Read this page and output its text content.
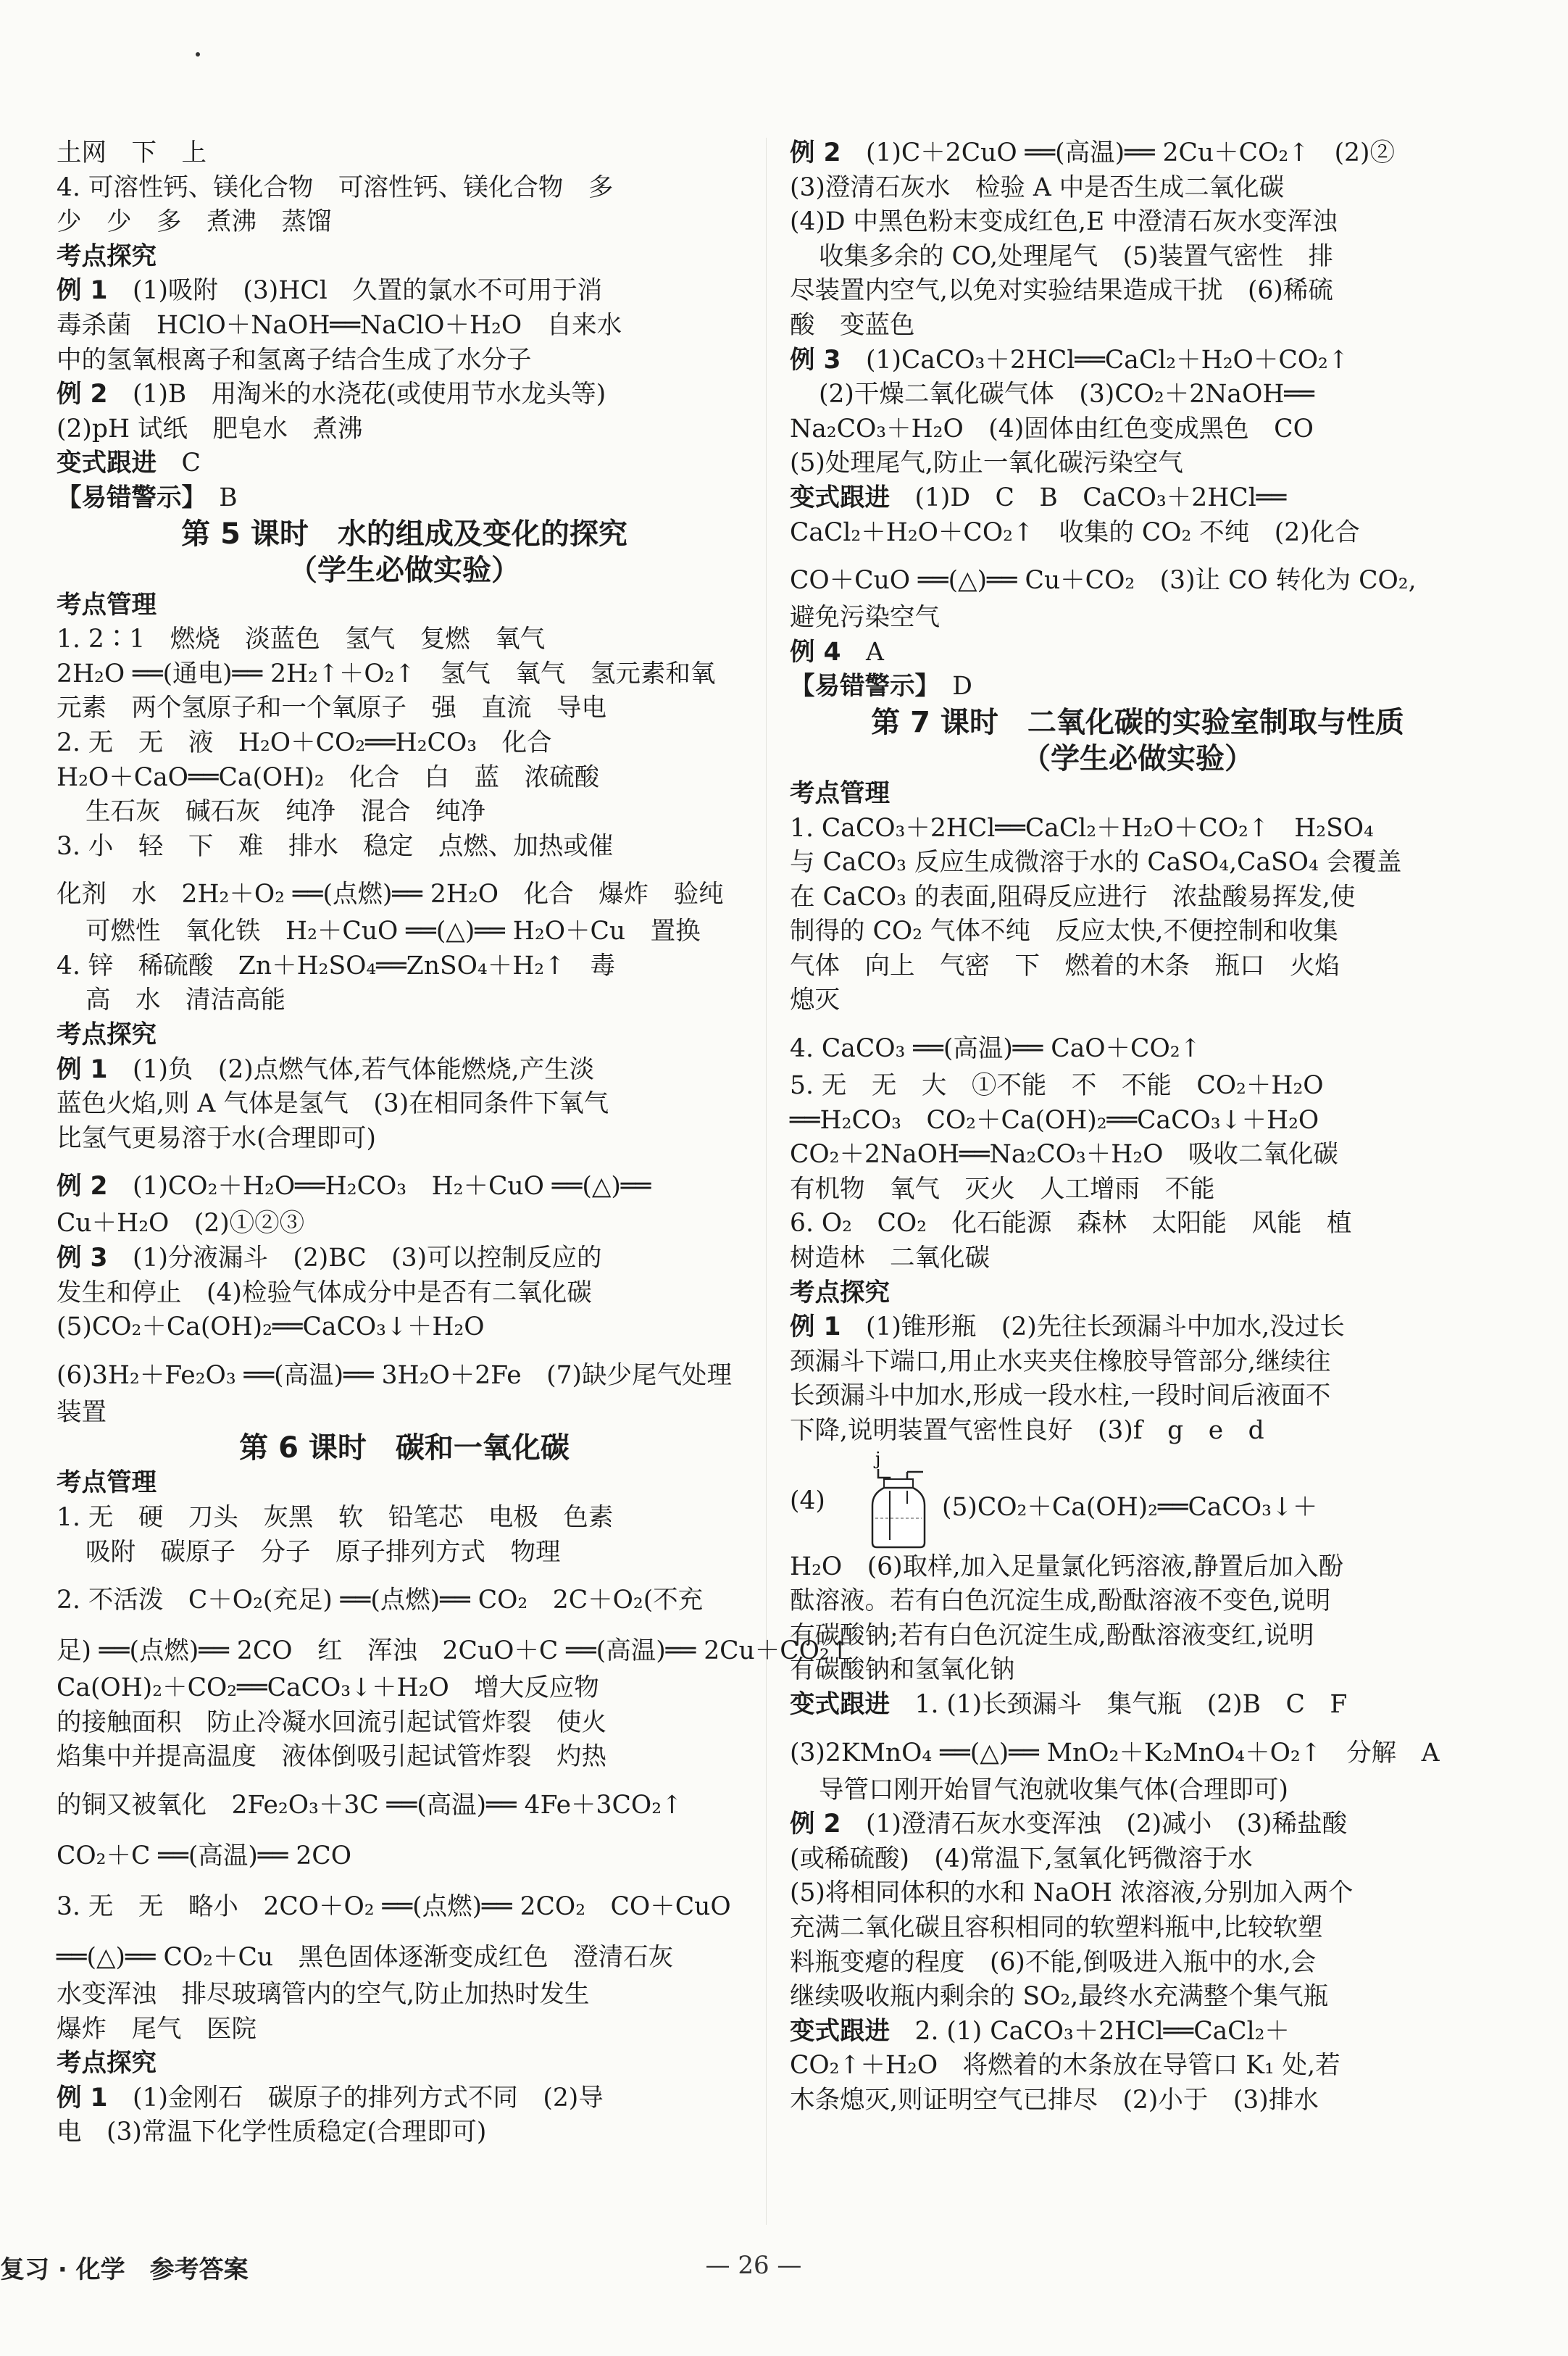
土网　下　上
4. 可溶性钙、镁化合物　可溶性钙、镁化合物　多
少　少　多　煮沸　蒸馏
考点探究
例 1　(1)吸附　(3)HCl　久置的氯水不可用于消
毒杀菌　HClO＋NaOH══NaClO＋H₂O　自来水
中的氢氧根离子和氢离子结合生成了水分子
例 2　(1)B　用淘米的水浇花(或使用节水龙头等)
(2)pH 试纸　肥皂水　煮沸
变式跟进　C
【易错警示】　B
第 5 课时　水的组成及变化的探究
（学生必做实验）
考点管理
1. 2∶1　燃烧　淡蓝色　氢气　复燃　氧气
2H₂O ══(通电)══ 2H₂↑＋O₂↑　氢气　氧气　氢元素和氧
元素　两个氢原子和一个氧原子　强　直流　导电
2. 无　无　液　H₂O＋CO₂══H₂CO₃　化合
H₂O＋CaO══Ca(OH)₂　化合　白　蓝　浓硫酸
生石灰　碱石灰　纯净　混合　纯净
3. 小　轻　下　难　排水　稳定　点燃、加热或催
化剂　水　2H₂＋O₂ ══(点燃)══ 2H₂O　化合　爆炸　验纯
可燃性　氧化铁　H₂＋CuO ══(△)══ H₂O＋Cu　置换
4. 锌　稀硫酸　Zn＋H₂SO₄══ZnSO₄＋H₂↑　毒
高　水　清洁高能
考点探究
例 1　(1)负　(2)点燃气体,若气体能燃烧,产生淡
蓝色火焰,则 A 气体是氢气　(3)在相同条件下氧气
比氢气更易溶于水(合理即可)
例 2　(1)CO₂＋H₂O══H₂CO₃　H₂＋CuO ══(△)══
Cu＋H₂O　(2)①②③
例 3　(1)分液漏斗　(2)BC　(3)可以控制反应的
发生和停止　(4)检验气体成分中是否有二氧化碳
(5)CO₂＋Ca(OH)₂══CaCO₃↓＋H₂O
(6)3H₂＋Fe₂O₃ ══(高温)══ 3H₂O＋2Fe　(7)缺少尾气处理
装置
第 6 课时　碳和一氧化碳
考点管理
1. 无　硬　刀头　灰黑　软　铅笔芯　电极　色素
吸附　碳原子　分子　原子排列方式　物理
2. 不活泼　C＋O₂(充足) ══(点燃)══ CO₂　2C＋O₂(不充
足) ══(点燃)══ 2CO　红　浑浊　2CuO＋C ══(高温)══ 2Cu＋CO₂↑
Ca(OH)₂＋CO₂══CaCO₃↓＋H₂O　增大反应物
的接触面积　防止冷凝水回流引起试管炸裂　使火
焰集中并提高温度　液体倒吸引起试管炸裂　灼热
的铜又被氧化　2Fe₂O₃＋3C ══(高温)══ 4Fe＋3CO₂↑
CO₂＋C ══(高温)══ 2CO
3. 无　无　略小　2CO＋O₂ ══(点燃)══ 2CO₂　CO＋CuO
══(△)══ CO₂＋Cu　黑色固体逐渐变成红色　澄清石灰
水变浑浊　排尽玻璃管内的空气,防止加热时发生
爆炸　尾气　医院
考点探究
例 1　(1)金刚石　碳原子的排列方式不同　(2)导
电　(3)常温下化学性质稳定(合理即可)
例 2　(1)C＋2CuO ══(高温)══ 2Cu＋CO₂↑　(2)②
(3)澄清石灰水　检验 A 中是否生成二氧化碳
(4)D 中黑色粉末变成红色,E 中澄清石灰水变浑浊
收集多余的 CO,处理尾气　(5)装置气密性　排
尽装置内空气,以免对实验结果造成干扰　(6)稀硫
酸　变蓝色
例 3　(1)CaCO₃＋2HCl══CaCl₂＋H₂O＋CO₂↑
(2)干燥二氧化碳气体　(3)CO₂＋2NaOH══
Na₂CO₃＋H₂O　(4)固体由红色变成黑色　CO
(5)处理尾气,防止一氧化碳污染空气
变式跟进　(1)D　C　B　CaCO₃＋2HCl══
CaCl₂＋H₂O＋CO₂↑　收集的 CO₂ 不纯　(2)化合
CO＋CuO ══(△)══ Cu＋CO₂　(3)让 CO 转化为 CO₂,
避免污染空气
例 4　A
【易错警示】　D
第 7 课时　二氧化碳的实验室制取与性质
（学生必做实验）
考点管理
1. CaCO₃＋2HCl══CaCl₂＋H₂O＋CO₂↑　H₂SO₄
与 CaCO₃ 反应生成微溶于水的 CaSO₄,CaSO₄ 会覆盖
在 CaCO₃ 的表面,阻碍反应进行　浓盐酸易挥发,使
制得的 CO₂ 气体不纯　反应太快,不便控制和收集
气体　向上　气密　下　燃着的木条　瓶口　火焰
熄灭
4. CaCO₃ ══(高温)══ CaO＋CO₂↑
5. 无　无　大　①不能　不　不能　CO₂＋H₂O
══H₂CO₃　CO₂＋Ca(OH)₂══CaCO₃↓＋H₂O
CO₂＋2NaOH══Na₂CO₃＋H₂O　吸收二氧化碳
有机物　氧气　灭火　人工增雨　不能
6. O₂　CO₂　化石能源　森林　太阳能　风能　植
树造林　二氧化碳
考点探究
例 1　(1)锥形瓶　(2)先往长颈漏斗中加水,没过长
颈漏斗下端口,用止水夹夹住橡胶导管部分,继续往
长颈漏斗中加水,形成一段水柱,一段时间后液面不
下降,说明装置气密性良好　(3)f　g　e　d
(4)
j
(5)CO₂＋Ca(OH)₂══CaCO₃↓＋
H₂O　(6)取样,加入足量氯化钙溶液,静置后加入酚
酞溶液。若有白色沉淀生成,酚酞溶液不变色,说明
有碳酸钠;若有白色沉淀生成,酚酞溶液变红,说明
有碳酸钠和氢氧化钠
变式跟进　1. (1)长颈漏斗　集气瓶　(2)B　C　F
(3)2KMnO₄ ══(△)══ MnO₂＋K₂MnO₄＋O₂↑　分解　A
导管口刚开始冒气泡就收集气体(合理即可)
例 2　(1)澄清石灰水变浑浊　(2)减小　(3)稀盐酸
(或稀硫酸)　(4)常温下,氢氧化钙微溶于水
(5)将相同体积的水和 NaOH 浓溶液,分别加入两个
充满二氧化碳且容积相同的软塑料瓶中,比较软塑
料瓶变瘪的程度　(6)不能,倒吸进入瓶中的水,会
继续吸收瓶内剩余的 SO₂,最终水充满整个集气瓶
变式跟进　2. (1) CaCO₃＋2HCl══CaCl₂＋
CO₂↑＋H₂O　将燃着的木条放在导管口 K₁ 处,若
木条熄灭,则证明空气已排尽　(2)小于　(3)排水
复习 · 化学　参考答案	— 26 —
